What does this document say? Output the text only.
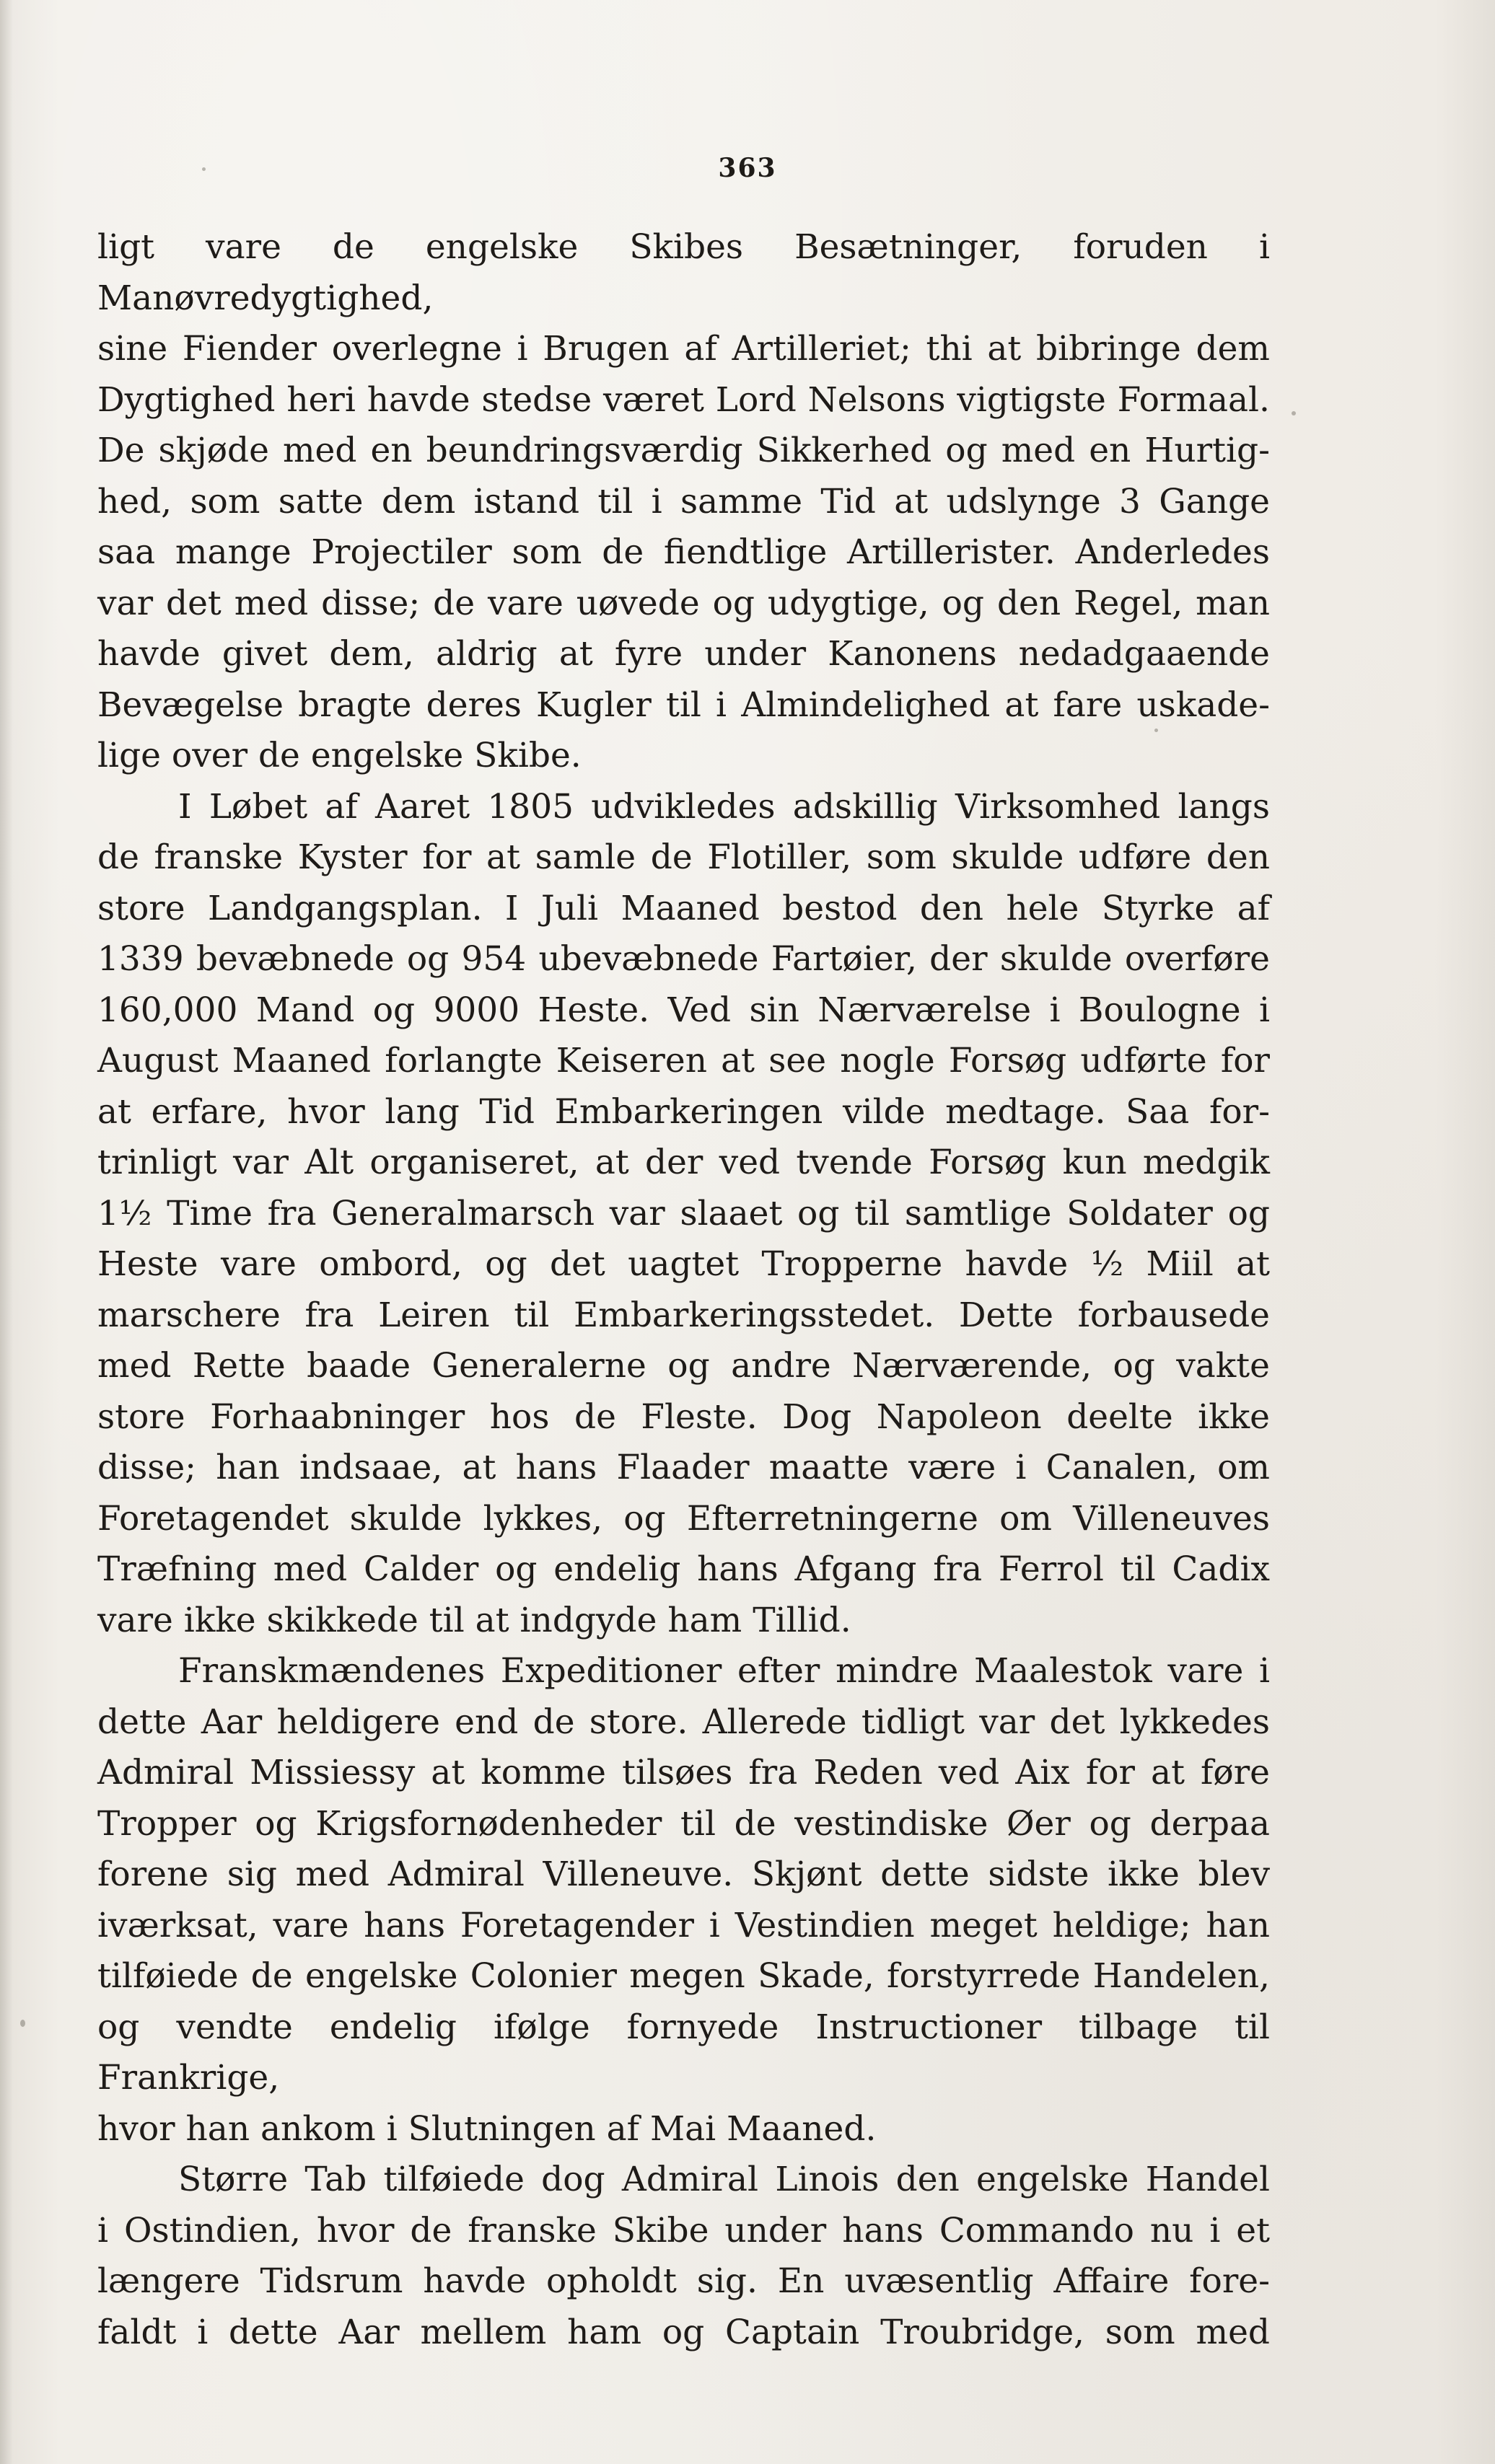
363

ligt vare de engelske Skibes Besætninger, foruden i Manøvredygtighed,
sine Fiender overlegne i Brugen af Artilleriet; thi at bibringe dem
Dygtighed heri havde stedse været Lord Nelsons vigtigste Formaal.
De skjøde med en beundringsværdig Sikkerhed og med en Hurtig-
hed, som satte dem istand til i samme Tid at udslynge 3 Gange
saa mange Projectiler som de fiendtlige Artillerister. Anderledes
var det med disse; de vare uøvede og udygtige, og den Regel, man
havde givet dem, aldrig at fyre under Kanonens nedadgaaende
Bevægelse bragte deres Kugler til i Almindelighed at fare uskade-
lige over de engelske Skibe.

I Løbet af Aaret 1805 udvikledes adskillig Virksomhed langs
de franske Kyster for at samle de Flotiller, som skulde udføre den
store Landgangsplan. I Juli Maaned bestod den hele Styrke af
1339 bevæbnede og 954 ubevæbnede Fartøier, der skulde overføre
160,000 Mand og 9000 Heste. Ved sin Nærværelse i Boulogne i
August Maaned forlangte Keiseren at see nogle Forsøg udførte for
at erfare, hvor lang Tid Embarkeringen vilde medtage. Saa for-
trinligt var Alt organiseret, at der ved tvende Forsøg kun medgik
1½ Time fra Generalmarsch var slaaet og til samtlige Soldater og
Heste vare ombord, og det uagtet Tropperne havde ½ Miil at
marschere fra Leiren til Embarkeringsstedet. Dette forbausede
med Rette baade Generalerne og andre Nærværende, og vakte
store Forhaabninger hos de Fleste. Dog Napoleon deelte ikke
disse; han indsaae, at hans Flaader maatte være i Canalen, om
Foretagendet skulde lykkes, og Efterretningerne om Villeneuves
Træfning med Calder og endelig hans Afgang fra Ferrol til Cadix
vare ikke skikkede til at indgyde ham Tillid.

Franskmændenes Expeditioner efter mindre Maalestok vare i
dette Aar heldigere end de store. Allerede tidligt var det lykkedes
Admiral Missiessy at komme tilsøes fra Reden ved Aix for at føre
Tropper og Krigsfornødenheder til de vestindiske Øer og derpaa
forene sig med Admiral Villeneuve. Skjønt dette sidste ikke blev
iværksat, vare hans Foretagender i Vestindien meget heldige; han
tilføiede de engelske Colonier megen Skade, forstyrrede Handelen,
og vendte endelig ifølge fornyede Instructioner tilbage til Frankrige,
hvor han ankom i Slutningen af Mai Maaned.

Større Tab tilføiede dog Admiral Linois den engelske Handel
i Ostindien, hvor de franske Skibe under hans Commando nu i et
længere Tidsrum havde opholdt sig. En uvæsentlig Affaire fore-
faldt i dette Aar mellem ham og Captain Troubridge, som med
